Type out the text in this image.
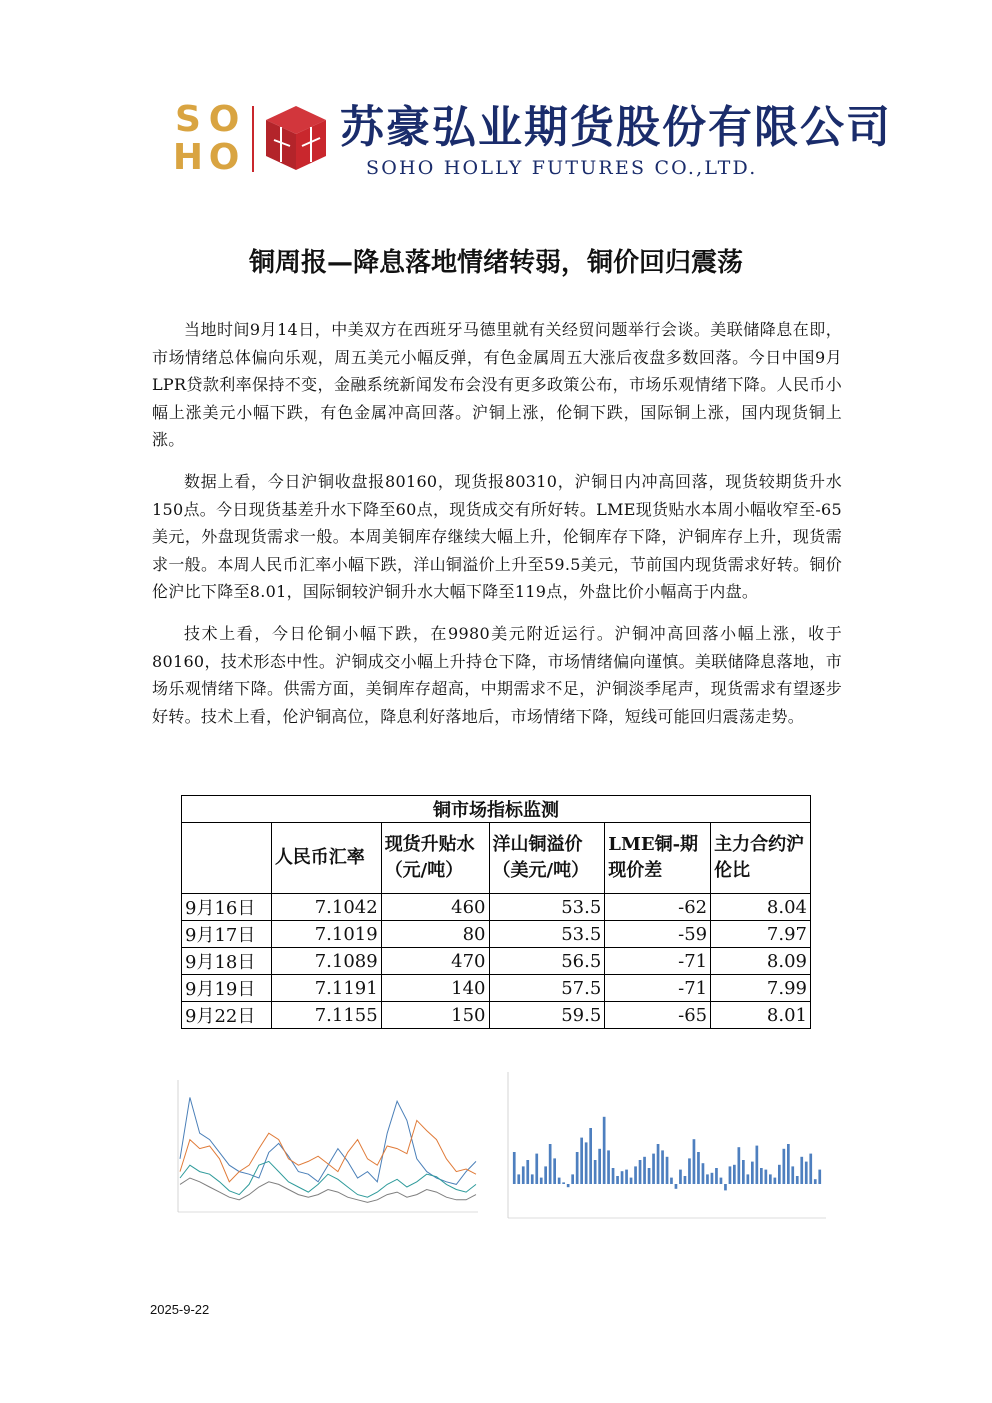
S O
H O
苏豪弘业期货股份有限公司
SOHO HOLLY FUTURES CO.,LTD.
铜周报—降息落地情绪转弱，铜价回归震荡

当地时间9月14日，中美双方在西班牙马德里就有关经贸问题举行会谈。美联储降息在即，市场情绪总体偏向乐观，周五美元小幅反弹，有色金属周五大涨后夜盘多数回落。今日中国9月LPR贷款利率保持不变，金融系统新闻发布会没有更多政策公布，市场乐观情绪下降。人民币小幅上涨美元小幅下跌，有色金属冲高回落。沪铜上涨，伦铜下跌，国际铜上涨，国内现货铜上涨。

数据上看，今日沪铜收盘报80160，现货报80310，沪铜日内冲高回落，现货较期货升水150点。今日现货基差升水下降至60点，现货成交有所好转。LME现货贴水本周小幅收窄至-65美元，外盘现货需求一般。本周美铜库存继续大幅上升，伦铜库存下降，沪铜库存上升，现货需求一般。本周人民币汇率小幅下跌，洋山铜溢价上升至59.5美元，节前国内现货需求好转。铜价伦沪比下降至8.01，国际铜较沪铜升水大幅下降至119点，外盘比价小幅高于内盘。

技术上看，今日伦铜小幅下跌，在9980美元附近运行。沪铜冲高回落小幅上涨，收于80160，技术形态中性。沪铜成交小幅上升持仓下降，市场情绪偏向谨慎。美联储降息落地，市场乐观情绪下降。供需方面，美铜库存超高，中期需求不足，沪铜淡季尾声，现货需求有望逐步好转。技术上看，伦沪铜高位，降息利好落地后，市场情绪下降，短线可能回归震荡走势。

铜市场指标监测					
	人民币汇率	现货升贴水（元/吨）	洋山铜溢价（美元/吨）	LME铜-期现价差	主力合约沪伦比
9月16日	7.1042	460	53.5	-62	8.04
9月17日	7.1019	80	53.5	-59	7.97
9月18日	7.1089	470	56.5	-71	8.09
9月19日	7.1191	140	57.5	-71	7.99
9月22日	7.1155	150	59.5	-65	8.01
2025-9-22
